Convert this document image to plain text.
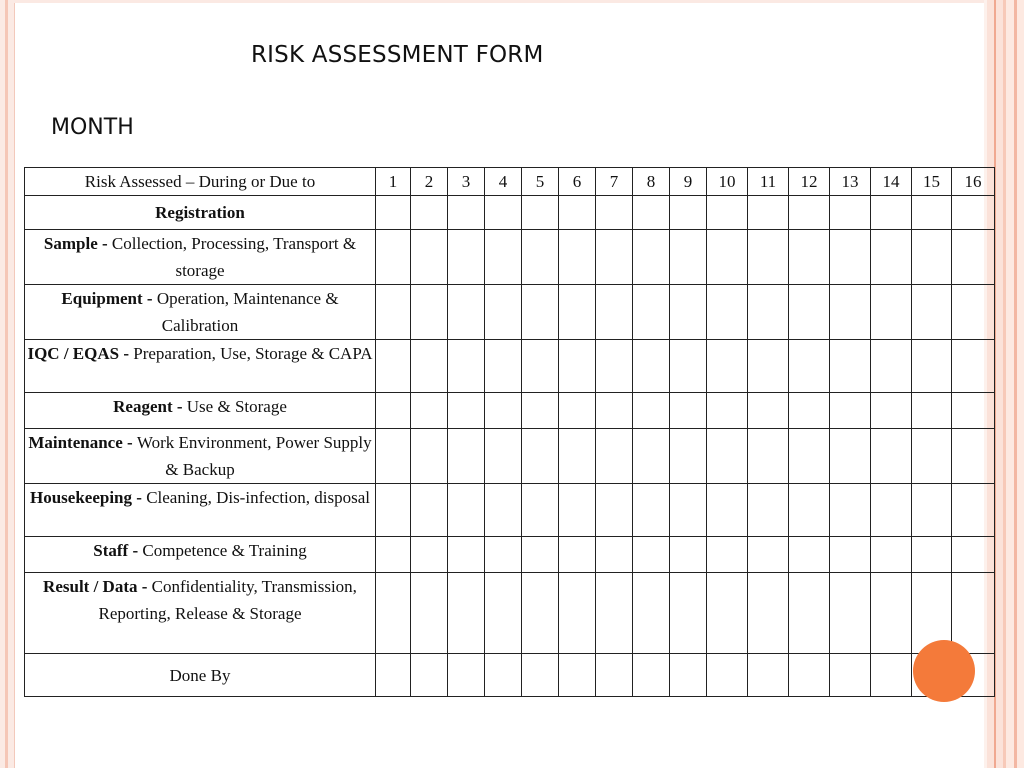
RISK ASSESSMENT FORM
MONTH
Risk Assessed – During or Due to	1	2	3	4	5	6	7	8	9	10	11	12	13	14	15	16
Registration																
Sample - Collection, Processing, Transport & storage																
Equipment - Operation, Maintenance & Calibration																
IQC / EQAS - Preparation, Use, Storage & CAPA																
Reagent - Use & Storage																
Maintenance - Work Environment, Power Supply & Backup																
Housekeeping - Cleaning, Dis-infection, disposal																
Staff - Competence & Training																
Result / Data - Confidentiality, Transmission, Reporting, Release & Storage																
Done By																
